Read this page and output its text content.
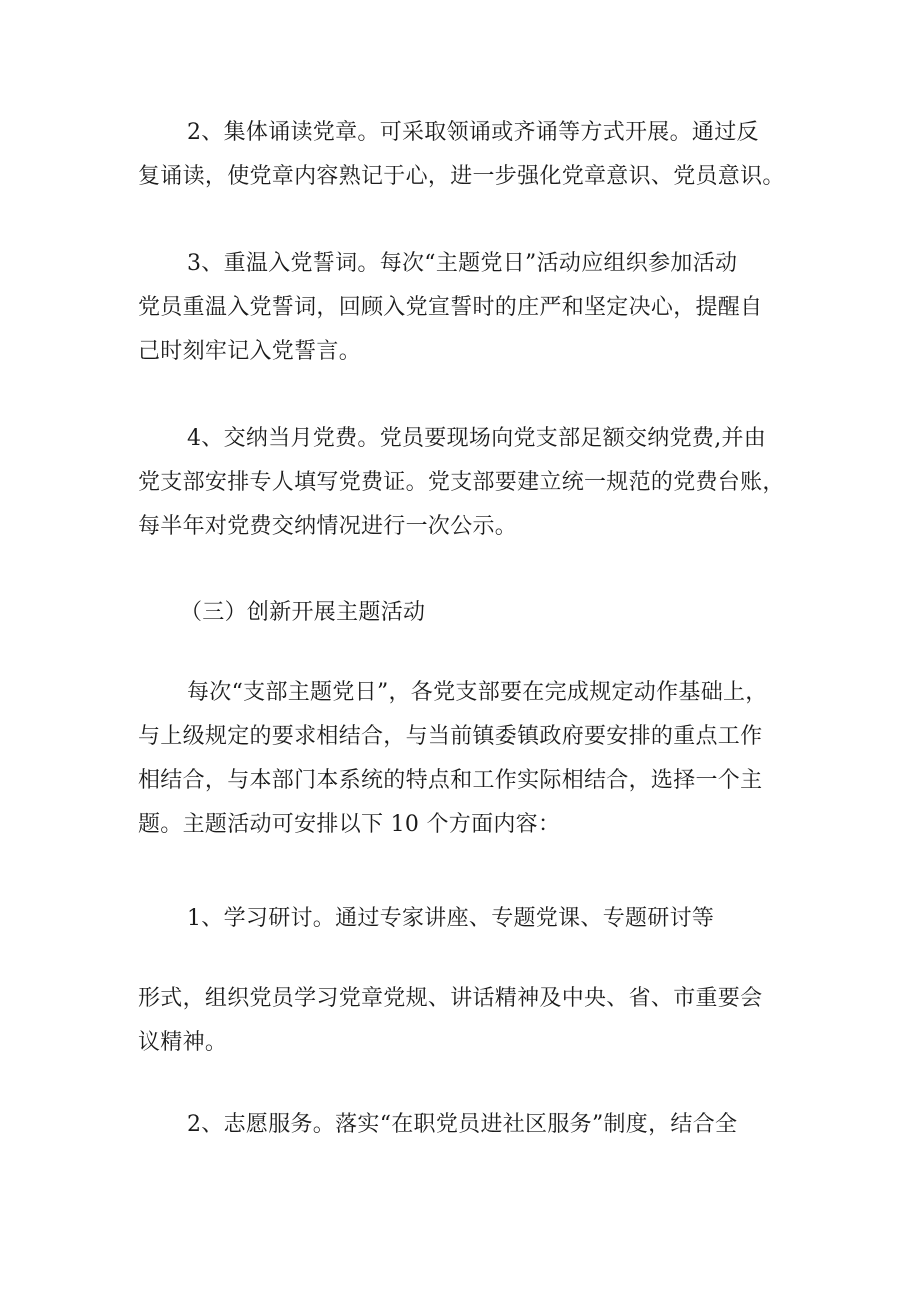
2、集体诵读党章。可采取领诵或齐诵等方式开展。通过反

复诵读，使党章内容熟记于心，进一步强化党章意识、党员意识。

3、重温入党誓词。每次“主题党日”活动应组织参加活动

党员重温入党誓词，回顾入党宣誓时的庄严和坚定决心，提醒自

己时刻牢记入党誓言。

4、交纳当月党费。党员要现场向党支部足额交纳党费,并由

党支部安排专人填写党费证。党支部要建立统一规范的党费台账，

每半年对党费交纳情况进行一次公示。

（三）创新开展主题活动

每次“支部主题党日”，各党支部要在完成规定动作基础上，

与上级规定的要求相结合，与当前镇委镇政府要安排的重点工作

相结合，与本部门本系统的特点和工作实际相结合，选择一个主

题。主题活动可安排以下 10 个方面内容：

1、学习研讨。通过专家讲座、专题党课、专题研讨等

形式，组织党员学习党章党规、讲话精神及中央、省、市重要会

议精神。

2、志愿服务。落实“在职党员进社区服务”制度，结合全
